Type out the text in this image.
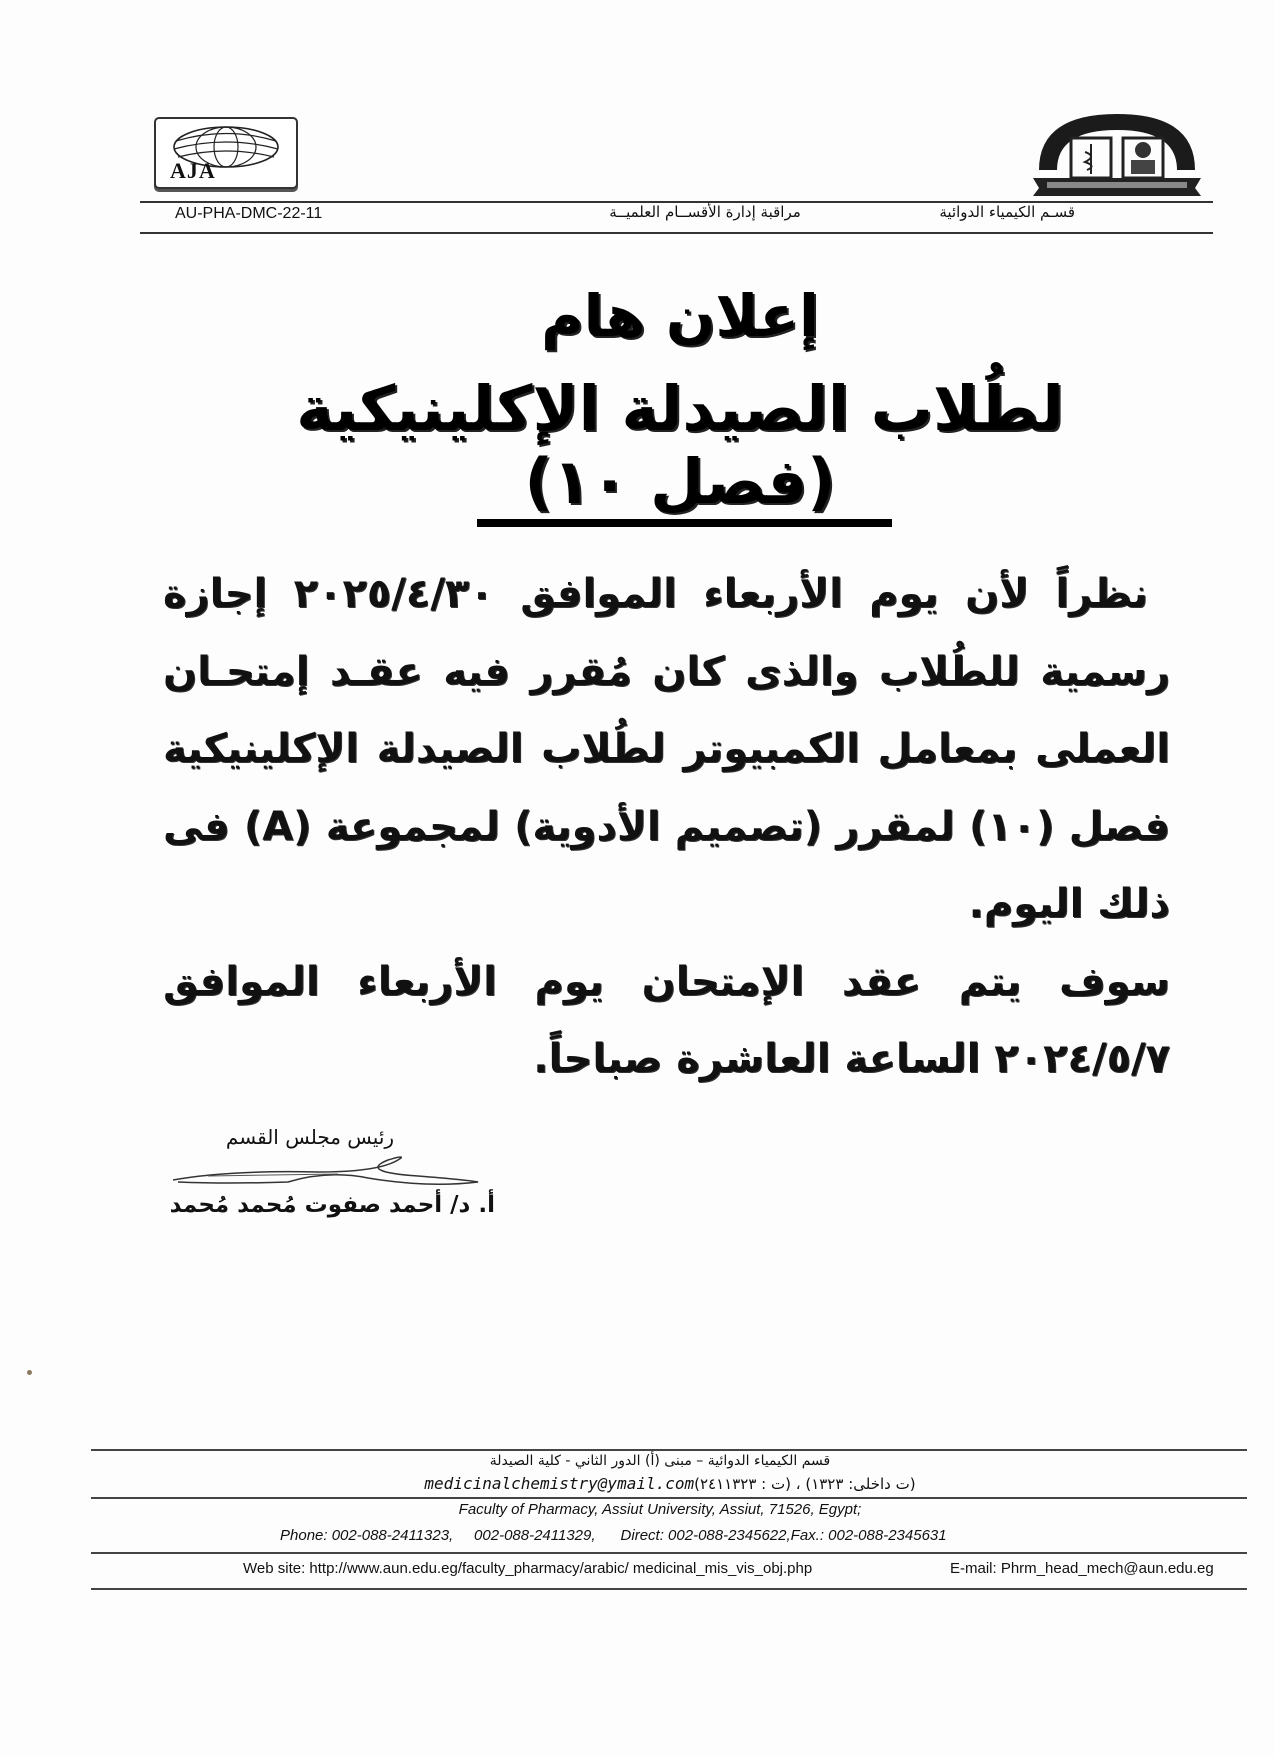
AJA
AU-PHA-DMC-22-11	مراقبة إدارة الأقســام العلميــة	قسـم الكيمياء الدوائية
إعلان هام
لطُلاب الصيدلة الإكلينيكية (فصل ١٠)

نظراً لأن يوم الأربعاء الموافق ٢٠٢٥/٤/٣٠ إجازة رسمية للطُلاب والذى كان مُقرر فيه عقـد إمتحـان العملى بمعامل الكمبيوتر لطُلاب الصيدلة الإكلينيكية فصل (١٠) لمقرر (تصميم الأدوية) لمجموعة (A) فى ذلك اليوم.

سوف يتم عقد الإمتحان يوم الأربعاء الموافق ٢٠٢٤/٥/٧ الساعة العاشرة صباحاً.

رئيس مجلس القسم
أ. د/ أحمد صفوت مُحمد مُحمد
قسم الكيمياء الدوائية – مبنى (أ) الدور الثاني - كلية الصيدلة
medicinalchemistry@ymail.com(ت داخلى: ١٣٢٣) ، (ت : ٢٤١١٣٢٣)
Faculty of Pharmacy, Assiut University, Assiut, 71526, Egypt;
Phone: 002-088-2411323,     002-088-2411329,      Direct: 002-088-2345622,Fax.: 002-088-2345631
Web site: http://www.aun.edu.eg/faculty_pharmacy/arabic/ medicinal_mis_vis_obj.php	E-mail: Phrm_head_mech@aun.edu.eg
